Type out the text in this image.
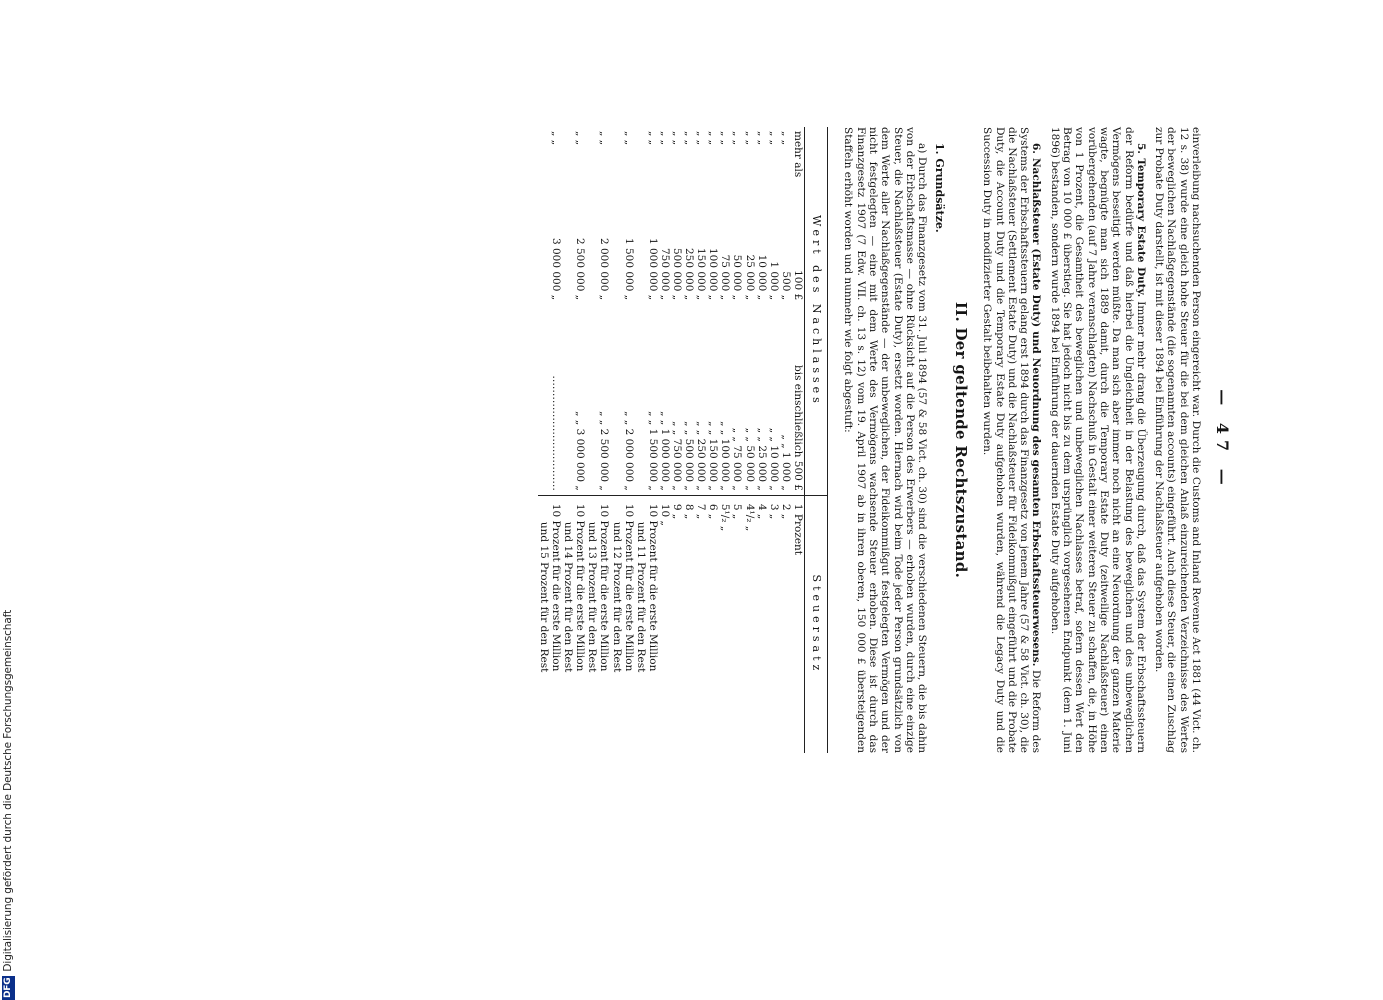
DFG
Digitalisierung gefördert durch die Deutsche Forschungsgemeinschaft
— 47 —

einverleibung nachsuchenden Person eingereicht war. Durch die Customs and Inland Revenue Act 1881 (44 Vict. ch. 12 s. 38) wurde eine gleich hohe Steuer für die bei dem gleichen Anlaß einzureichenden Verzeichnisse des Wertes der beweglichen Nachlaßgegenstände (die sogenannten accounts) eingeführt. Auch diese Steuer, die einen Zuschlag zur Probate Duty darstellt, ist mit dieser 1894 bei Einführung der Nachlaßsteuer aufgehoben worden.

5. Temporary Estate Duty. Immer mehr drang die Überzeugung durch, daß das System der Erbschaftssteuern der Reform bedürfe und daß hierbei die Ungleichheit in der Belastung des beweglichen und des unbeweglichen Vermögens beseitigt werden müßte. Da man sich aber immer noch nicht an eine Neuordnung der ganzen Materie wagte, begnügte man sich 1889 damit, durch die Temporary Estate Duty (zeitweilige Nachlaßsteuer) einen vorübergehenden (auf 7 Jahre veranschlagten) Nachschuß in Gestalt einer weiteren Steuer zu schaffen, die, in Höhe von 1 Prozent, die Gesamtheit des beweglichen und unbeweglichen Nachlasses betraf, sofern dessen Wert den Betrag von 10 000 £ überstieg. Sie hat jedoch nicht bis zu dem ursprünglich vorgesehenen Endpunkt (dem 1. Juni 1896) bestanden, sondern wurde 1894 bei Einführung der dauernden Estate Duty aufgehoben.

6. Nachlaßsteuer (Estate Duty) und Neuordnung des gesamten Erbschaftssteuerwesens. Die Reform des Systems der Erbschaftssteuern gelang erst 1894 durch das Finanzgesetz von jenem Jahre (57 & 58 Vict. ch. 30), die die Nachlaßsteuer (Settlement Estate Duty) und die Nachlaßsteuer für Fideikommißgut eingeführt und die Probate Duty, die Account Duty und die Temporary Estate Duty aufgehoben wurden, während die Legacy Duty und die Succession Duty in modifizierter Gestalt beibehalten wurden.

II. Der geltende Rechtszustand.
1. Grundsätze.

a) Durch das Finanzgesetz vom 31. Juli 1894 (57 & 58 Vict. ch. 30) sind die verschiedenen Steuern, die bis dahin von der Erbschaftsmasse — ohne Rücksicht auf die Person des Erwerbers — erhoben wurden, durch eine einzige Steuer, die Nachlaßsteuer (Estate Duty), ersetzt worden. Hiernach wird beim Tode jeder Person grundsätzlich von dem Werte aller Nachlaßgegenstände — der unbeweglichen, der Fideikommißgut festgelegten Vermögen und der nicht festgelegten — eine mit dem Werte des Vermögens wachsende Steuer erhoben. Diese ist durch das Finanzgesetz 1907 (7 Edw. VII. ch. 13 s. 12) vom 19. April 1907 ab in ihren oberen, 150 000 £ übersteigenden Staffeln erhöht worden und nunmehr wie folgt abgestuft:

Wert des Nachlasses			Steuersatz
mehr als	100 £	bis einschließlich 500 £	1 Prozent

„ „	500 „	„ „ 1 000 „	2 „

„ „	1 000 „	„ „ 10 000 „	3 „

„ „	10 000 „	„ „ 25 000 „	4 „

„ „	25 000 „	„ „ 50 000 „	4¹/₂ „

„ „	50 000 „	„ „ 75 000 „	5 „

„ „	75 000 „	„ „ 100 000 „	5¹/₂ „

„ „	100 000 „	„ „ 150 000 „	6 „

„ „	150 000 „	„ „ 250 000 „	7 „

„ „	250 000 „	„ „ 500 000 „	8 „

„ „	500 000 „	„ „ 750 000 „	9 „

„ „	750 000 „	„ „ 1 000 000 „	10 „

„ „	1 000 000 „	„ „ 1 500 000 „	10 Prozent für die erste Million
und 11 Prozent für den Rest

„ „	1 500 000 „	„ „ 2 000 000 „	10 Prozent für die erste Million
und 12 Prozent für den Rest

„ „	2 000 000 „	„ „ 2 500 000 „	10 Prozent für die erste Million
und 13 Prozent für den Rest

„ „	2 500 000 „	„ „ 3 000 000 „	10 Prozent für die erste Million
und 14 Prozent für den Rest

„ „	3 000 000 „	……………………………	10 Prozent für die erste Million
und 15 Prozent für den Rest
